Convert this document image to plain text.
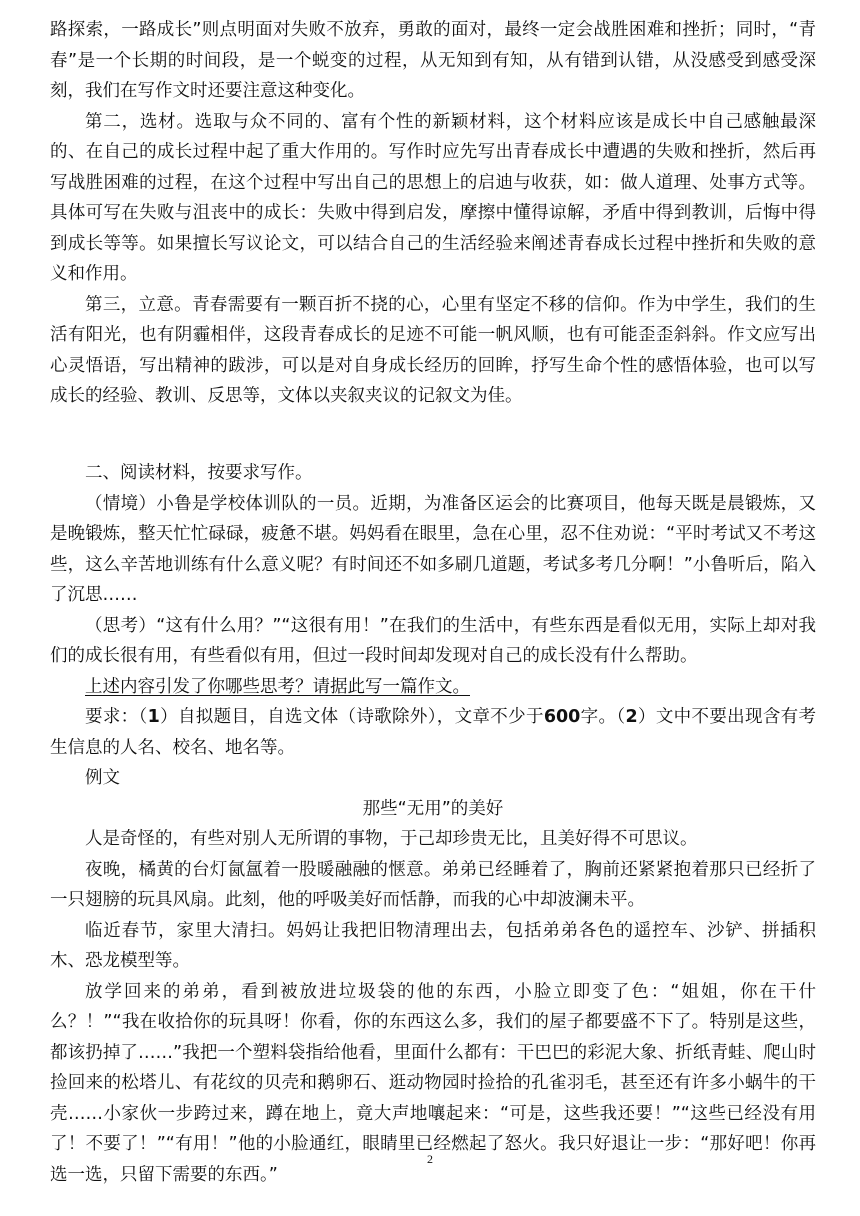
路探索，一路成长”则点明面对失败不放弃，勇敢的面对，最终一定会战胜困难和挫折；同时，“青春”是一个长期的时间段，是一个蜕变的过程，从无知到有知，从有错到认错，从没感受到感受深刻，我们在写作文时还要注意这种变化。

第二，选材。选取与众不同的、富有个性的新颖材料，这个材料应该是成长中自己感触最深的、在自己的成长过程中起了重大作用的。写作时应先写出青春成长中遭遇的失败和挫折，然后再写战胜困难的过程，在这个过程中写出自己的思想上的启迪与收获，如：做人道理、处事方式等。具体可写在失败与沮丧中的成长：失败中得到启发，摩擦中懂得谅解，矛盾中得到教训，后悔中得到成长等等。如果擅长写议论文，可以结合自己的生活经验来阐述青春成长过程中挫折和失败的意义和作用。

第三，立意。青春需要有一颗百折不挠的心，心里有坚定不移的信仰。作为中学生，我们的生活有阳光，也有阴霾相伴，这段青春成长的足迹不可能一帆风顺，也有可能歪歪斜斜。作文应写出心灵悟语，写出精神的跋涉，可以是对自身成长经历的回眸，抒写生命个性的感悟体验，也可以写成长的经验、教训、反思等，文体以夹叙夹议的记叙文为佳。

二、阅读材料，按要求写作。

（情境）小鲁是学校体训队的一员。近期，为准备区运会的比赛项目，他每天既是晨锻炼，又是晚锻炼，整天忙忙碌碌，疲惫不堪。妈妈看在眼里，急在心里，忍不住劝说：“平时考试又不考这些，这么辛苦地训练有什么意义呢？有时间还不如多刷几道题，考试多考几分啊！”小鲁听后，陷入了沉思……

（思考）“这有什么用？”“这很有用！”在我们的生活中，有些东西是看似无用，实际上却对我们的成长很有用，有些看似有用，但过一段时间却发现对自己的成长没有什么帮助。

上述内容引发了你哪些思考？请据此写一篇作文。

要求：（1）自拟题目，自选文体（诗歌除外），文章不少于600字。（2）文中不要出现含有考生信息的人名、校名、地名等。

例文

那些“无用”的美好

人是奇怪的，有些对别人无所谓的事物，于己却珍贵无比，且美好得不可思议。

夜晚，橘黄的台灯氤氲着一股暖融融的惬意。弟弟已经睡着了，胸前还紧紧抱着那只已经折了一只翅膀的玩具风扇。此刻，他的呼吸美好而恬静，而我的心中却波澜未平。

临近春节，家里大清扫。妈妈让我把旧物清理出去，包括弟弟各色的遥控车、沙铲、拼插积木、恐龙模型等。

放学回来的弟弟，看到被放进垃圾袋的他的东西，小脸立即变了色：“姐姐，你在干什么？！”“我在收拾你的玩具呀！你看，你的东西这么多，我们的屋子都要盛不下了。特别是这些，都该扔掉了……”我把一个塑料袋指给他看，里面什么都有：干巴巴的彩泥大象、折纸青蛙、爬山时捡回来的松塔儿、有花纹的贝壳和鹅卵石、逛动物园时捡拾的孔雀羽毛，甚至还有许多小蜗牛的干壳……小家伙一步跨过来，蹲在地上，竟大声地嚷起来：“可是，这些我还要！”“这些已经没有用了！不要了！”“有用！”他的小脸通红，眼睛里已经燃起了怒火。我只好退让一步：“那好吧！你再选一选，只留下需要的东西。”

2
